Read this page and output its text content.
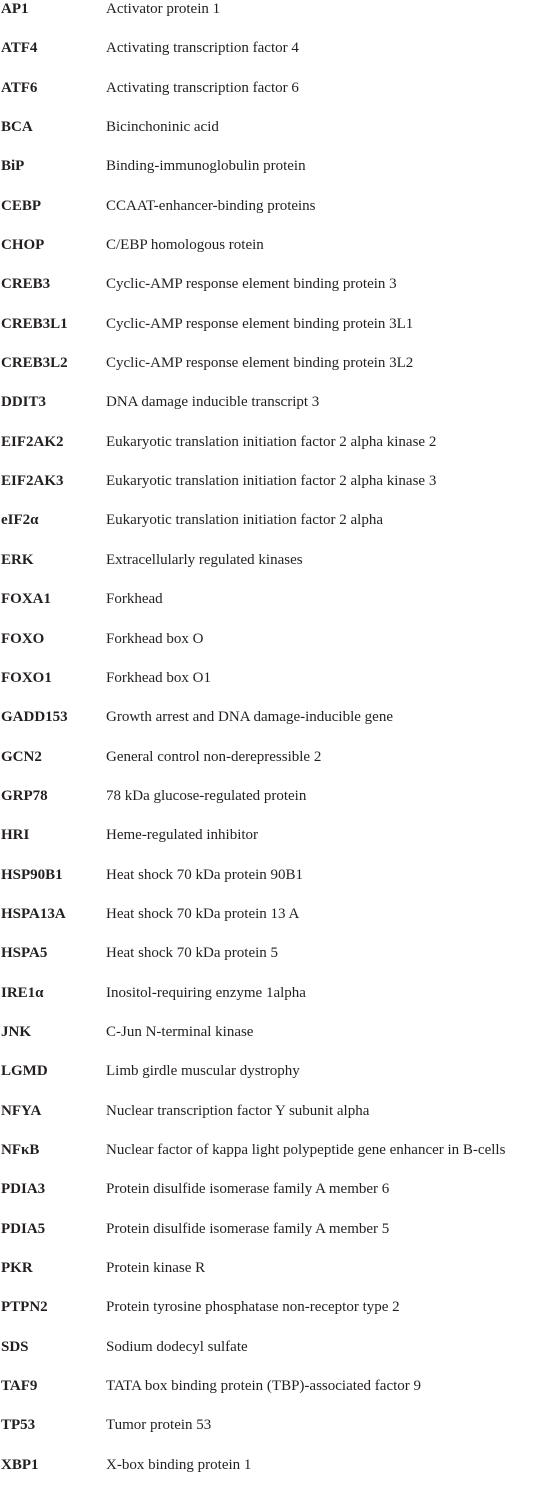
AP1	Activator protein 1
ATF4	Activating transcription factor 4
ATF6	Activating transcription factor 6
BCA	Bicinchoninic acid
BiP	Binding-immunoglobulin protein
CEBP	CCAAT-enhancer-binding proteins
CHOP	C/EBP homologous rotein
CREB3	Cyclic-AMP response element binding protein 3
CREB3L1	Cyclic-AMP response element binding protein 3L1
CREB3L2	Cyclic-AMP response element binding protein 3L2
DDIT3	DNA damage inducible transcript 3
EIF2AK2	Eukaryotic translation initiation factor 2 alpha kinase 2
EIF2AK3	Eukaryotic translation initiation factor 2 alpha kinase 3
eIF2α	Eukaryotic translation initiation factor 2 alpha
ERK	Extracellularly regulated kinases
FOXA1	Forkhead
FOXO	Forkhead box O
FOXO1	Forkhead box O1
GADD153	Growth arrest and DNA damage-inducible gene
GCN2	General control non-derepressible 2
GRP78	78 kDa glucose-regulated protein
HRI	Heme-regulated inhibitor
HSP90B1	Heat shock 70 kDa protein 90B1
HSPA13A	Heat shock 70 kDa protein 13 A
HSPA5	Heat shock 70 kDa protein 5
IRE1α	Inositol-requiring enzyme 1alpha
JNK	C-Jun N-terminal kinase
LGMD	Limb girdle muscular dystrophy
NFYA	Nuclear transcription factor Y subunit alpha
NFκB	Nuclear factor of kappa light polypeptide gene enhancer in B-cells
PDIA3	Protein disulfide isomerase family A member 6
PDIA5	Protein disulfide isomerase family A member 5
PKR	Protein kinase R
PTPN2	Protein tyrosine phosphatase non-receptor type 2
SDS	Sodium dodecyl sulfate
TAF9	TATA box binding protein (TBP)-associated factor 9
TP53	Tumor protein 53
XBP1	X-box binding protein 1
